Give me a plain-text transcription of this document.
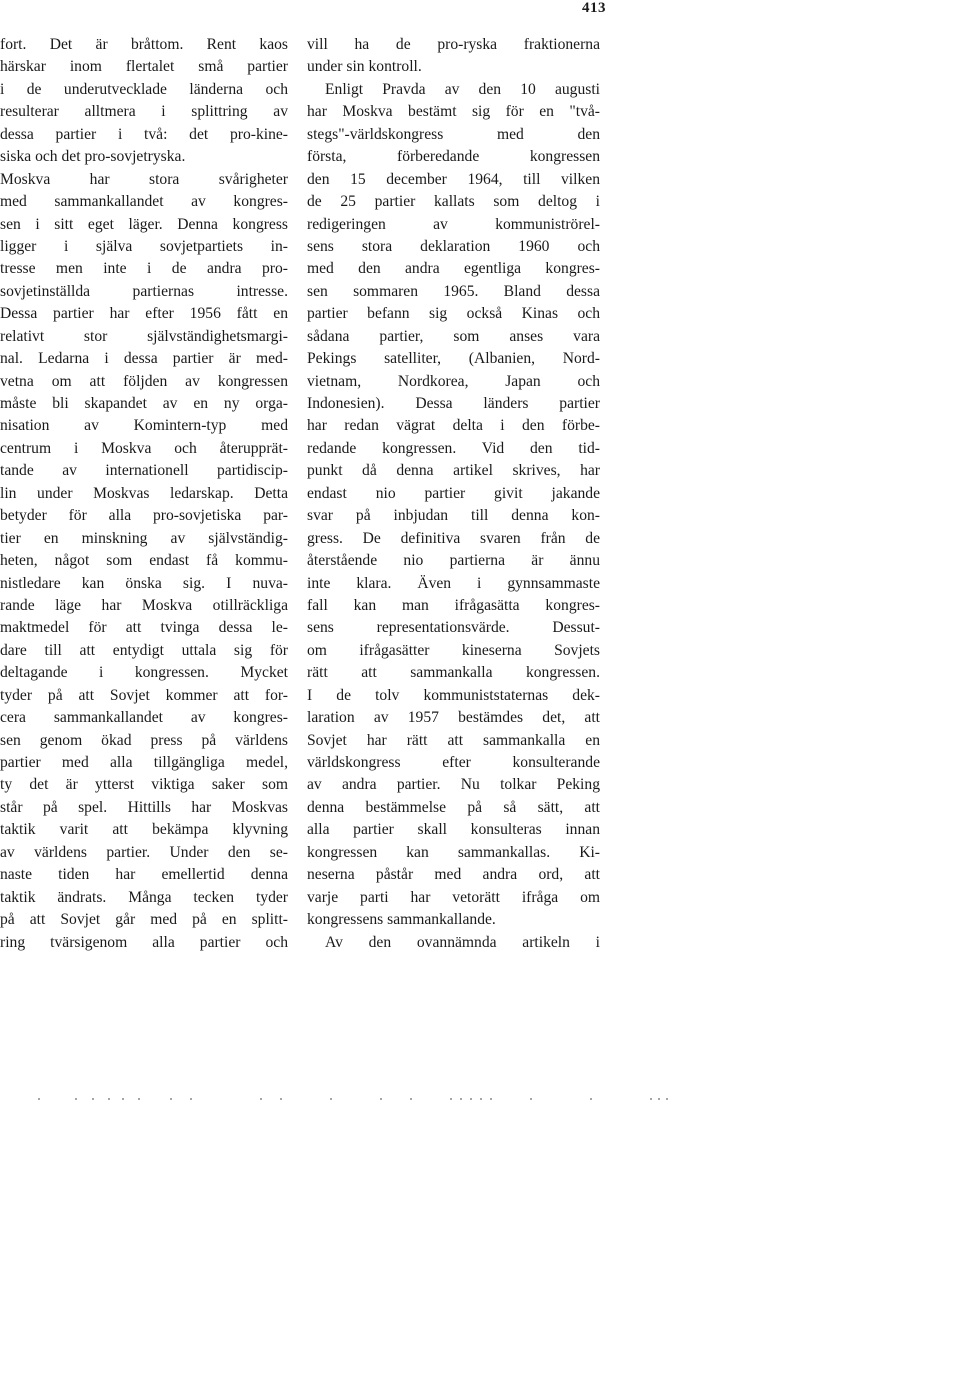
413
fort. Det är bråttom. Rent kaos
härskar inom flertalet små partier
i de underutvecklade länderna och
resulterar alltmera i splittring av
dessa partier i två: det pro-kine-
siska och det pro-sovjetryska.
Moskva har stora svårigheter
med sammankallandet av kongres-
sen i sitt eget läger. Denna kongress
ligger i själva sovjetpartiets in-
tresse men inte i de andra pro-
sovjetinställda partiernas intresse.
Dessa partier har efter 1956 fått en
relativt stor självständighetsmargi-
nal. Ledarna i dessa partier är med-
vetna om att följden av kongressen
måste bli skapandet av en ny orga-
nisation av Komintern-typ med
centrum i Moskva och återupprät-
tande av internationell partidiscip-
lin under Moskvas ledarskap. Detta
betyder för alla pro-sovjetiska par-
tier en minskning av självständig-
heten, något som endast få kommu-
nistledare kan önska sig. I nuva-
rande läge har Moskva otillräckliga
maktmedel för att tvinga dessa le-
dare till att entydigt uttala sig för
deltagande i kongressen. Mycket
tyder på att Sovjet kommer att for-
cera sammankallandet av kongres-
sen genom ökad press på världens
partier med alla tillgängliga medel,
ty det är ytterst viktiga saker som
står på spel. Hittills har Moskvas
taktik varit att bekämpa klyvning
av världens partier. Under den se-
naste tiden har emellertid denna
taktik ändrats. Många tecken tyder
på att Sovjet går med på en splitt-
ring tvärsigenom alla partier och
vill ha de pro-ryska fraktionerna
under sin kontroll.
Enligt Pravda av den 10 augusti
har Moskva bestämt sig för en "två-
stegs"-världskongress med den
första, förberedande kongressen
den 15 december 1964, till vilken
de 25 partier kallats som deltog i
redigeringen av kommuniströrel-
sens stora deklaration 1960 och
med den andra egentliga kongres-
sen sommaren 1965. Bland dessa
partier befann sig också Kinas och
sådana partier, som anses vara
Pekings satelliter, (Albanien, Nord-
vietnam, Nordkorea, Japan och
Indonesien). Dessa länders partier
har redan vägrat delta i den förbe-
redande kongressen. Vid den tid-
punkt då denna artikel skrives, har
endast nio partier givit jakande
svar på inbjudan till denna kon-
gress. De definitiva svaren från de
återstående nio partierna är ännu
inte klara. Även i gynnsammaste
fall kan man ifrågasätta kongres-
sens representationsvärde. Dessut-
om ifrågasätter kineserna Sovjets
rätt att sammankalla kongressen.
I de tolv kommuniststaternas dek-
laration av 1957 bestämdes det, att
Sovjet har rätt att sammankalla en
världskongress efter konsulterande
av andra partier. Nu tolkar Peking
denna bestämmelse på så sätt, att
alla partier skall konsulteras innan
kongressen kan sammankallas. Ki-
neserna påstår med andra ord, att
varje parti har vetorätt ifråga om
kongressens sammankallande.
Av den ovannämnda artikeln i
